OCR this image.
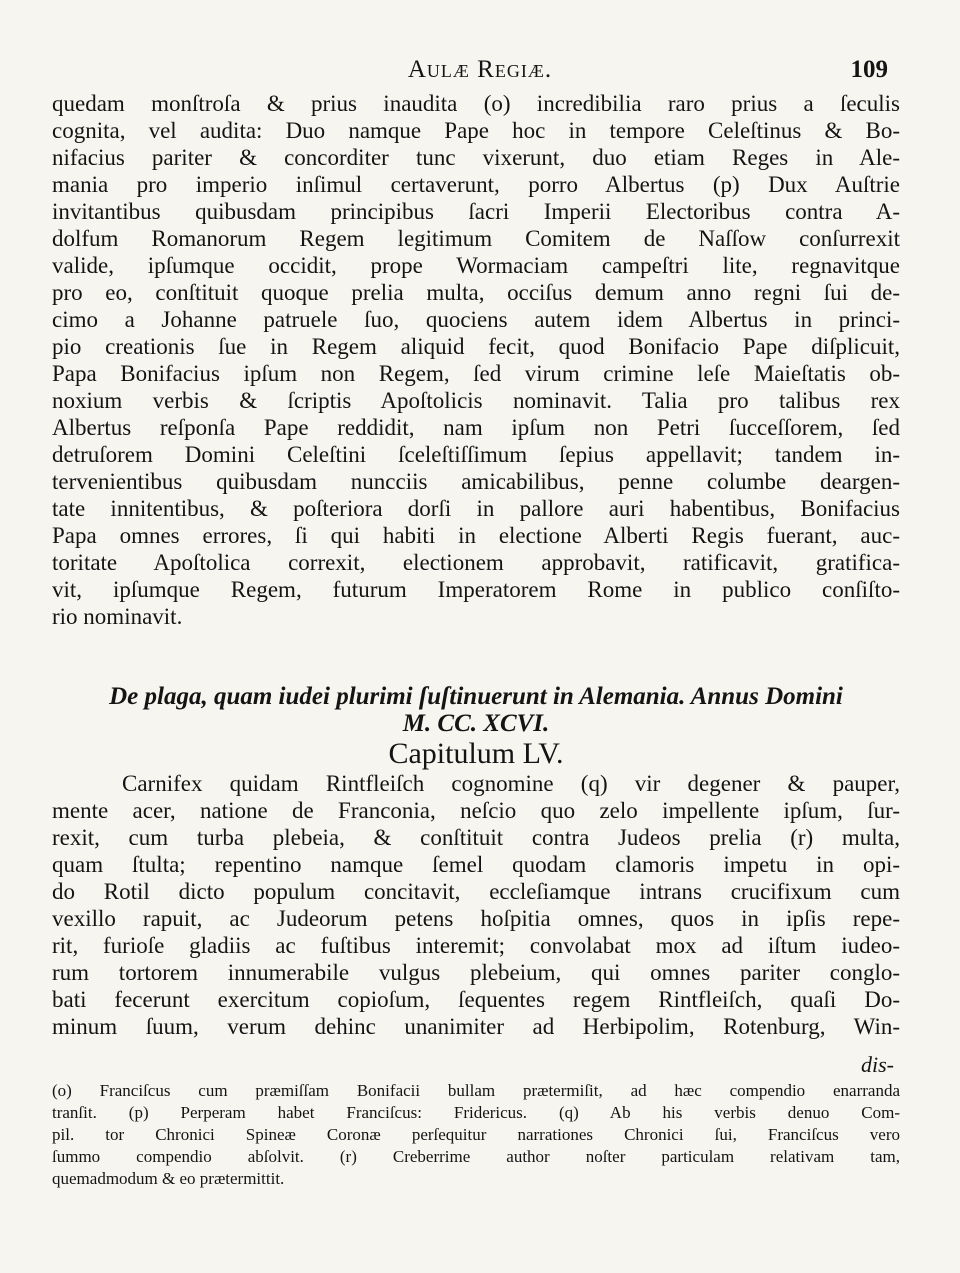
Aulæ Regiæ.	109
quedam monſtroſa & prius inaudita (o) incredibilia raro prius a ſeculis
cognita, vel audita: Duo namque Pape hoc in tempore Celeſtinus & Bo-
nifacius pariter & concorditer tunc vixerunt, duo etiam Reges in Ale-
mania pro imperio inſimul certaverunt, porro Albertus (p) Dux Auſtrie
invitantibus quibusdam principibus ſacri Imperii Electoribus contra A-
dolfum Romanorum Regem legitimum Comitem de Naſſow conſurrexit
valide, ipſumque occidit, prope Wormaciam campeſtri lite, regnavitque
pro eo, conſtituit quoque prelia multa, occiſus demum anno regni ſui de-
cimo a Johanne patruele ſuo, quociens autem idem Albertus in princi-
pio creationis ſue in Regem aliquid fecit, quod Bonifacio Pape diſplicuit,
Papa Bonifacius ipſum non Regem, ſed virum crimine leſe Maieſtatis ob-
noxium verbis & ſcriptis Apoſtolicis nominavit. Talia pro talibus rex
Albertus reſponſa Pape reddidit, nam ipſum non Petri ſucceſſorem, ſed
detruſorem Domini Celeſtini ſceleſtiſſimum ſepius appellavit; tandem in-
tervenientibus quibusdam nuncciis amicabilibus, penne columbe deargen-
tate innitentibus, & poſteriora dorſi in pallore auri habentibus, Bonifacius
Papa omnes errores, ſi qui habiti in electione Alberti Regis fuerant, auc-
toritate Apoſtolica correxit, electionem approbavit, ratificavit, gratifica-
vit, ipſumque Regem, futurum Imperatorem Rome in publico conſiſto-
rio nominavit.
De plaga, quam iudei plurimi ſuſtinuerunt in Alemania. Annus Domini
M. CC. XCVI.
Capitulum LV.
Carnifex quidam Rintfleiſch cognomine (q) vir degener & pauper,
mente acer, natione de Franconia, neſcio quo zelo impellente ipſum, ſur-
rexit, cum turba plebeia, & conſtituit contra Judeos prelia (r) multa,
quam ſtulta; repentino namque ſemel quodam clamoris impetu in opi-
do Rotil dicto populum concitavit, eccleſiamque intrans crucifixum cum
vexillo rapuit, ac Judeorum petens hoſpitia omnes, quos in ipſis repe-
rit, furioſe gladiis ac fuſtibus interemit; convolabat mox ad iſtum iudeo-
rum tortorem innumerabile vulgus plebeium, qui omnes pariter conglo-
bati fecerunt exercitum copioſum, ſequentes regem Rintfleiſch, quaſi Do-
minum ſuum, verum dehinc unanimiter ad Herbipolim, Rotenburg, Win-
dis-
(o) Franciſcus cum præmiſſam Bonifacii bullam prætermiſit, ad hæc compendio enarranda
tranſit. (p) Perperam habet Franciſcus: Fridericus. (q) Ab his verbis denuo Com-
pil. tor Chronici Spineæ Coronæ perſequitur narrationes Chronici ſui, Franciſcus vero
ſummo compendio abſolvit. (r) Creberrime author noſter particulam relativam tam,
quemadmodum & eo prætermittit.
